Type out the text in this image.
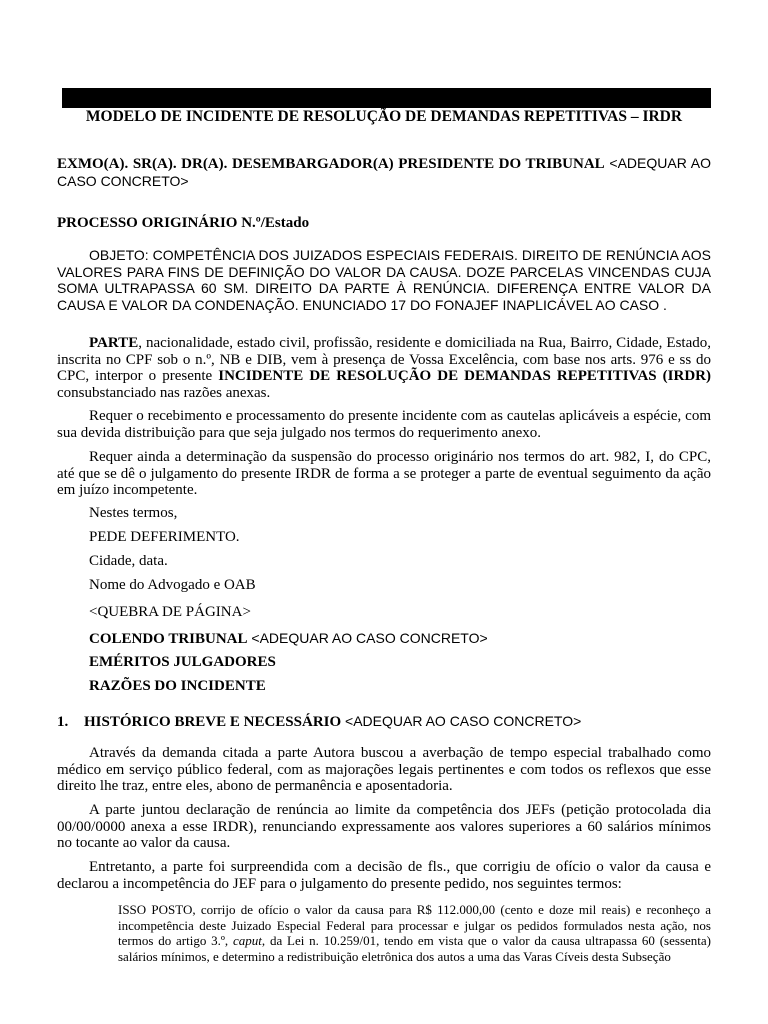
MODELO DE INCIDENTE DE RESOLUÇÃO DE DEMANDAS REPETITIVAS – IRDR
EXMO(A). SR(A). DR(A). DESEMBARGADOR(A) PRESIDENTE DO TRIBUNAL <ADEQUAR AO CASO CONCRETO>
PROCESSO ORIGINÁRIO N.º/Estado
OBJETO: COMPETÊNCIA DOS JUIZADOS ESPECIAIS FEDERAIS. DIREITO DE RENÚNCIA AOS VALORES PARA FINS DE DEFINIÇÃO DO VALOR DA CAUSA. DOZE PARCELAS VINCENDAS CUJA SOMA ULTRAPASSA 60 SM. DIREITO DA PARTE À RENÚNCIA. DIFERENÇA ENTRE VALOR DA CAUSA E VALOR DA CONDENAÇÃO. ENUNCIADO 17 DO FONAJEF INAPLICÁVEL AO CASO .
PARTE, nacionalidade, estado civil, profissão, residente e domiciliada na Rua, Bairro, Cidade, Estado, inscrita no CPF sob o n.º, NB e DIB, vem à presença de Vossa Excelência, com base nos arts. 976 e ss do CPC, interpor o presente INCIDENTE DE RESOLUÇÃO DE DEMANDAS REPETITIVAS (IRDR) consubstanciado nas razões anexas.
Requer o recebimento e processamento do presente incidente com as cautelas aplicáveis a espécie, com sua devida distribuição para que seja julgado nos termos do requerimento anexo.
Requer ainda a determinação da suspensão do processo originário nos termos do art. 982, I, do CPC, até que se dê o julgamento do presente IRDR de forma a se proteger a parte de eventual seguimento da ação em juízo incompetente.
Nestes termos,
PEDE DEFERIMENTO.
Cidade, data.
Nome do Advogado e OAB
<QUEBRA DE PÁGINA>
COLENDO TRIBUNAL <ADEQUAR AO CASO CONCRETO>
EMÉRITOS JULGADORES
RAZÕES DO INCIDENTE
1. HISTÓRICO BREVE E NECESSÁRIO <ADEQUAR AO CASO CONCRETO>
Através da demanda citada a parte Autora buscou a averbação de tempo especial trabalhado como médico em serviço público federal, com as majorações legais pertinentes e com todos os reflexos que esse direito lhe traz, entre eles, abono de permanência e aposentadoria.
A parte juntou declaração de renúncia ao limite da competência dos JEFs (petição protocolada dia 00/00/0000 anexa a esse IRDR), renunciando expressamente aos valores superiores a 60 salários mínimos no tocante ao valor da causa.
Entretanto, a parte foi surpreendida com a decisão de fls., que corrigiu de ofício o valor da causa e declarou a incompetência do JEF para o julgamento do presente pedido, nos seguintes termos:
ISSO POSTO, corrijo de ofício o valor da causa para R$ 112.000,00 (cento e doze mil reais) e reconheço a incompetência deste Juizado Especial Federal para processar e julgar os pedidos formulados nesta ação, nos termos do artigo 3.º, caput, da Lei n. 10.259/01, tendo em vista que o valor da causa ultrapassa 60 (sessenta) salários mínimos, e determino a redistribuição eletrônica dos autos a uma das Varas Cíveis desta Subseção
